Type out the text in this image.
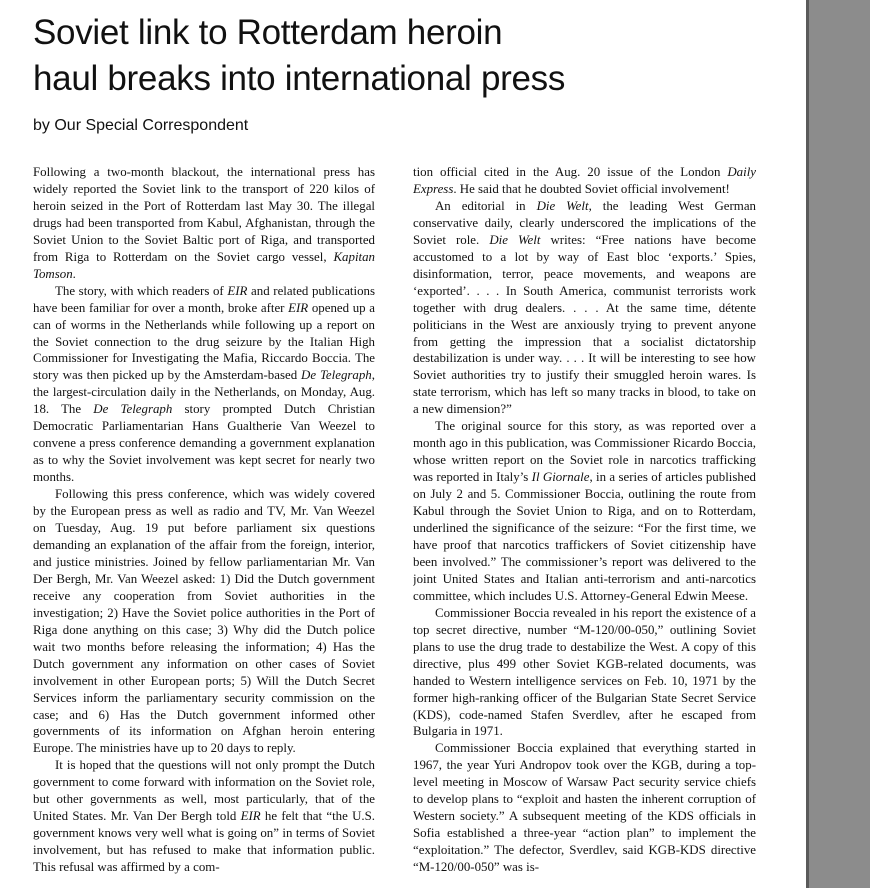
Soviet link to Rotterdam heroin
haul breaks into international press

by Our Special Correspondent

Following a two-month blackout, the international press has widely reported the Soviet link to the transport of 220 kilos of heroin seized in the Port of Rotterdam last May 30. The illegal drugs had been transported from Kabul, Afghanistan, through the Soviet Union to the Soviet Baltic port of Riga, and transported from Riga to Rotterdam on the Soviet cargo vessel, Kapitan Tomson.

The story, with which readers of EIR and related publications have been familiar for over a month, broke after EIR opened up a can of worms in the Netherlands while following up a report on the Soviet connection to the drug seizure by the Italian High Commissioner for Investigating the Mafia, Riccardo Boccia. The story was then picked up by the Amsterdam-based De Telegraph, the largest-circulation daily in the Netherlands, on Monday, Aug. 18. The De Telegraph story prompted Dutch Christian Democratic Parliamentarian Hans Gualtherie Van Weezel to convene a press conference demanding a government explanation as to why the Soviet involvement was kept secret for nearly two months.

Following this press conference, which was widely covered by the European press as well as radio and TV, Mr. Van Weezel on Tuesday, Aug. 19 put before parliament six questions demanding an explanation of the affair from the foreign, interior, and justice ministries. Joined by fellow parliamentarian Mr. Van Der Bergh, Mr. Van Weezel asked: 1) Did the Dutch government receive any cooperation from Soviet authorities in the investigation; 2) Have the Soviet police authorities in the Port of Riga done anything on this case; 3) Why did the Dutch police wait two months before releasing the information; 4) Has the Dutch government any information on other cases of Soviet involvement in other European ports; 5) Will the Dutch Secret Services inform the parliamentary security commission on the case; and 6) Has the Dutch government informed other governments of its information on Afghan heroin entering Europe. The ministries have up to 20 days to reply.

It is hoped that the questions will not only prompt the Dutch government to come forward with information on the Soviet role, but other governments as well, most particularly, that of the United States. Mr. Van Der Bergh told EIR he felt that “the U.S. government knows very well what is going on” in terms of Soviet involvement, but has refused to make that information public. This refusal was affirmed by a com-

tion official cited in the Aug. 20 issue of the London Daily Express. He said that he doubted Soviet official involvement!

An editorial in Die Welt, the leading West German conservative daily, clearly underscored the implications of the Soviet role. Die Welt writes: “Free nations have become accustomed to a lot by way of East bloc ‘exports.’ Spies, disinformation, terror, peace movements, and weapons are ‘exported’. . . . In South America, communist terrorists work together with drug dealers. . . . At the same time, détente politicians in the West are anxiously trying to prevent anyone from getting the impression that a socialist dictatorship destabilization is under way. . . . It will be interesting to see how Soviet authorities try to justify their smuggled heroin wares. Is state terrorism, which has left so many tracks in blood, to take on a new dimension?”

The original source for this story, as was reported over a month ago in this publication, was Commissioner Ricardo Boccia, whose written report on the Soviet role in narcotics trafficking was reported in Italy’s Il Giornale, in a series of articles published on July 2 and 5. Commissioner Boccia, outlining the route from Kabul through the Soviet Union to Riga, and on to Rotterdam, underlined the significance of the seizure: “For the first time, we have proof that narcotics traffickers of Soviet citizenship have been involved.” The commissioner’s report was delivered to the joint United States and Italian anti-terrorism and anti-narcotics committee, which includes U.S. Attorney-General Edwin Meese.

Commissioner Boccia revealed in his report the existence of a top secret directive, number “M-120/00-050,” outlining Soviet plans to use the drug trade to destabilize the West. A copy of this directive, plus 499 other Soviet KGB-related documents, was handed to Western intelligence services on Feb. 10, 1971 by the former high-ranking officer of the Bulgarian State Secret Service (KDS), code-named Stafen Sverdlev, after he escaped from Bulgaria in 1971.

Commissioner Boccia explained that everything started in 1967, the year Yuri Andropov took over the KGB, during a top-level meeting in Moscow of Warsaw Pact security service chiefs to develop plans to “exploit and hasten the inherent corruption of Western society.” A subsequent meeting of the KDS officials in Sofia established a three-year “action plan” to implement the “exploitation.” The defector, Sverdlev, said KGB-KDS directive “M-120/00-050” was is-
